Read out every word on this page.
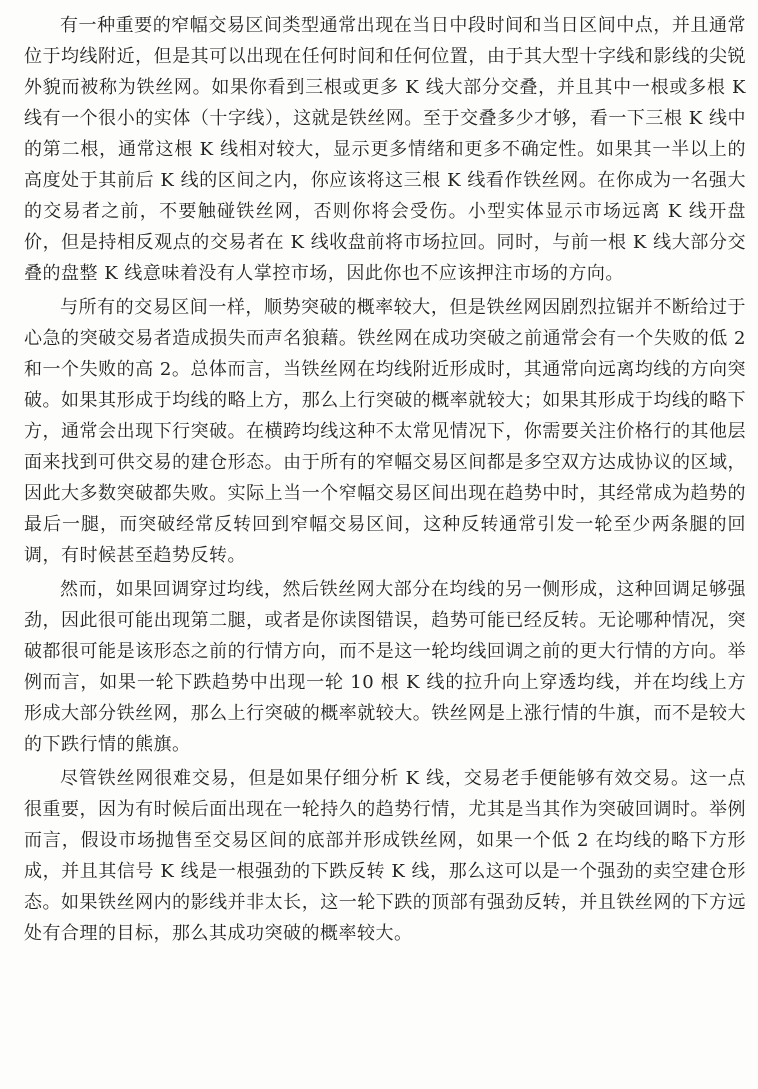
有一种重要的窄幅交易区间类型通常出现在当日中段时间和当日区间中点，并且通常位于均线附近，但是其可以出现在任何时间和任何位置，由于其大型十字线和影线的尖锐外貌而被称为铁丝网。如果你看到三根或更多 K 线大部分交叠，并且其中一根或多根 K 线有一个很小的实体（十字线），这就是铁丝网。至于交叠多少才够，看一下三根 K 线中的第二根，通常这根 K 线相对较大，显示更多情绪和更多不确定性。如果其一半以上的高度处于其前后 K 线的区间之内，你应该将这三根 K 线看作铁丝网。在你成为一名强大的交易者之前，不要触碰铁丝网，否则你将会受伤。小型实体显示市场远离 K 线开盘价，但是持相反观点的交易者在 K 线收盘前将市场拉回。同时，与前一根 K 线大部分交叠的盘整 K 线意味着没有人掌控市场，因此你也不应该押注市场的方向。

与所有的交易区间一样，顺势突破的概率较大，但是铁丝网因剧烈拉锯并不断给过于心急的突破交易者造成损失而声名狼藉。铁丝网在成功突破之前通常会有一个失败的低 2 和一个失败的高 2。总体而言，当铁丝网在均线附近形成时，其通常向远离均线的方向突破。如果其形成于均线的略上方，那么上行突破的概率就较大；如果其形成于均线的略下方，通常会出现下行突破。在横跨均线这种不太常见情况下，你需要关注价格行的其他层面来找到可供交易的建仓形态。由于所有的窄幅交易区间都是多空双方达成协议的区域，因此大多数突破都失败。实际上当一个窄幅交易区间出现在趋势中时，其经常成为趋势的最后一腿，而突破经常反转回到窄幅交易区间，这种反转通常引发一轮至少两条腿的回调，有时候甚至趋势反转。

然而，如果回调穿过均线，然后铁丝网大部分在均线的另一侧形成，这种回调足够强劲，因此很可能出现第二腿，或者是你读图错误，趋势可能已经反转。无论哪种情况，突破都很可能是该形态之前的行情方向，而不是这一轮均线回调之前的更大行情的方向。举例而言，如果一轮下跌趋势中出现一轮 10 根 K 线的拉升向上穿透均线，并在均线上方形成大部分铁丝网，那么上行突破的概率就较大。铁丝网是上涨行情的牛旗，而不是较大的下跌行情的熊旗。

尽管铁丝网很难交易，但是如果仔细分析 K 线，交易老手便能够有效交易。这一点很重要，因为有时候后面出现在一轮持久的趋势行情，尤其是当其作为突破回调时。举例而言，假设市场抛售至交易区间的底部并形成铁丝网，如果一个低 2 在均线的略下方形成，并且其信号 K 线是一根强劲的下跌反转 K 线，那么这可以是一个强劲的卖空建仓形态。如果铁丝网内的影线并非太长，这一轮下跌的顶部有强劲反转，并且铁丝网的下方远处有合理的目标，那么其成功突破的概率较大。
